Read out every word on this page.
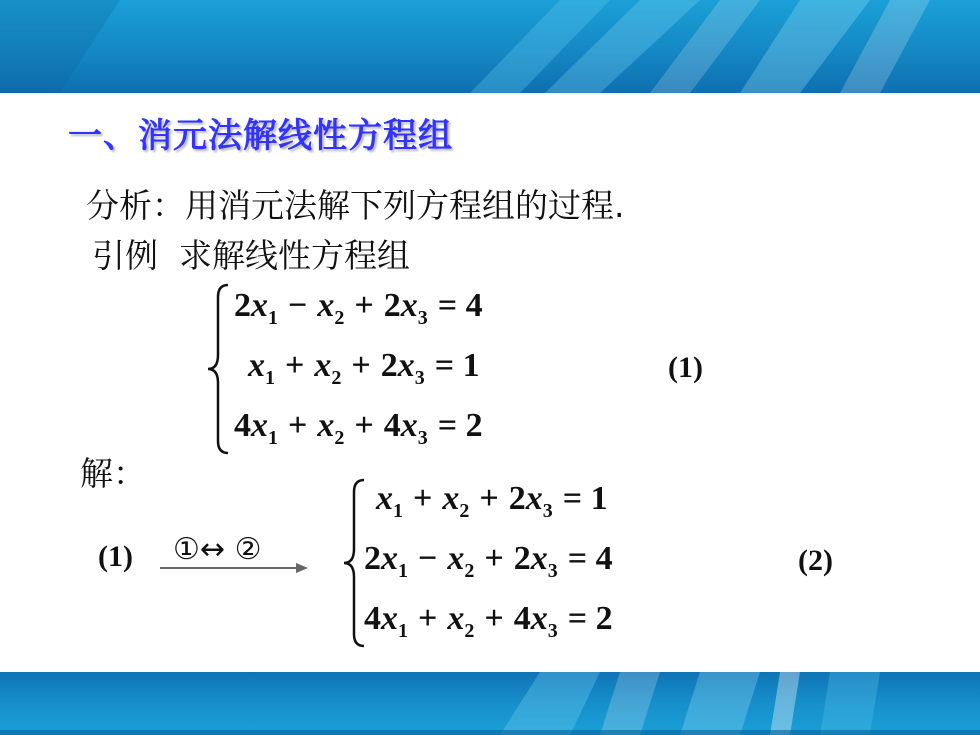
一、消元法解线性方程组
分析：用消元法解下列方程组的过程.
引例  求解线性方程组
解：
$2x_1 - x_2 + 2x_3 = 4$
$x_1 + x_2 + 2x_3 = 1$
$4x_1 + x_2 + 4x_3 = 2$
(1)
(1) ①↔ ②
$x_1 + x_2 + 2x_3 = 1$
$2x_1 - x_2 + 2x_3 = 4$
$4x_1 + x_2 + 4x_3 = 2$
(2)
